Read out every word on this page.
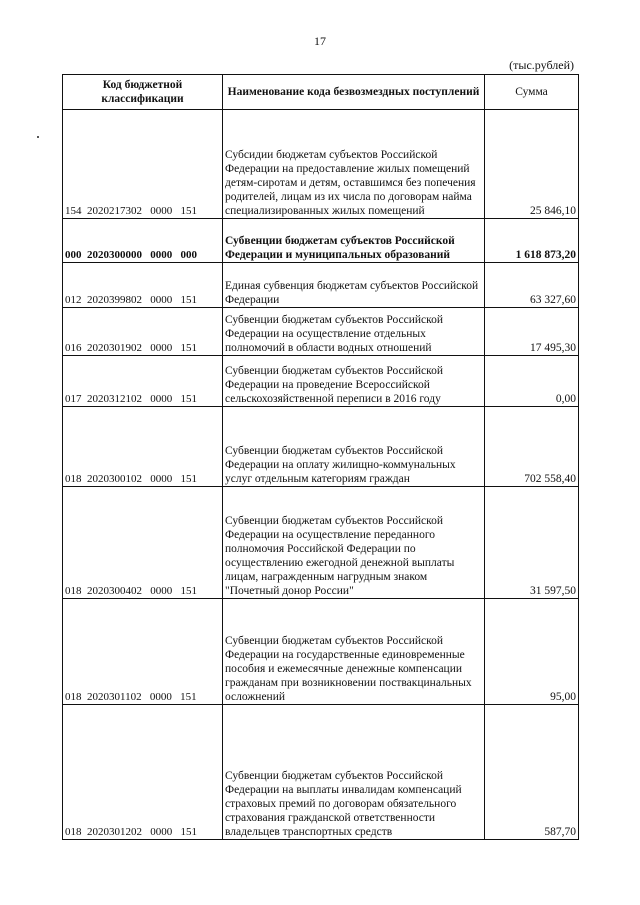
17
(тыс.рублей)
Код бюджетной классификации	Наименование кода безвозмездных поступлений	Сумма
154  2020217302   0000   151	Субсидии бюджетам субъектов Российской Федерации на предоставление жилых помещений детям-сиротам и детям, оставшимся без попечения родителей, лицам из их числа по договорам найма специализированных жилых помещений	25 846,10
000  2020300000   0000   000	Субвенции бюджетам субъектов Российской Федерации и муниципальных образований	1 618 873,20
012  2020399802   0000   151	Единая субвенция бюджетам субъектов Российской Федерации	63 327,60
016  2020301902   0000   151	Субвенции бюджетам субъектов Российской Федерации на осуществление отдельных полномочий в области водных отношений	17 495,30
017  2020312102   0000   151	Субвенции бюджетам субъектов Российской Федерации на проведение Всероссийской сельскохозяйственной переписи в 2016 году	0,00
018  2020300102   0000   151	Субвенции бюджетам субъектов Российской Федерации на оплату жилищно-коммунальных услуг отдельным категориям граждан	702 558,40
018  2020300402   0000   151	Субвенции бюджетам субъектов Российской Федерации на осуществление переданного полномочия Российской Федерации по осуществлению ежегодной денежной выплаты лицам, награжденным нагрудным знаком "Почетный донор России"	31 597,50
018  2020301102   0000   151	Субвенции бюджетам субъектов Российской Федерации на государственные единовременные пособия и ежемесячные денежные компенсации гражданам при возникновении поствакцинальных осложнений	95,00
018  2020301202   0000   151	Субвенции бюджетам субъектов Российской Федерации на выплаты инвалидам компенсаций страховых премий по договорам обязательного страхования гражданской ответственности владельцев транспортных средств	587,70
